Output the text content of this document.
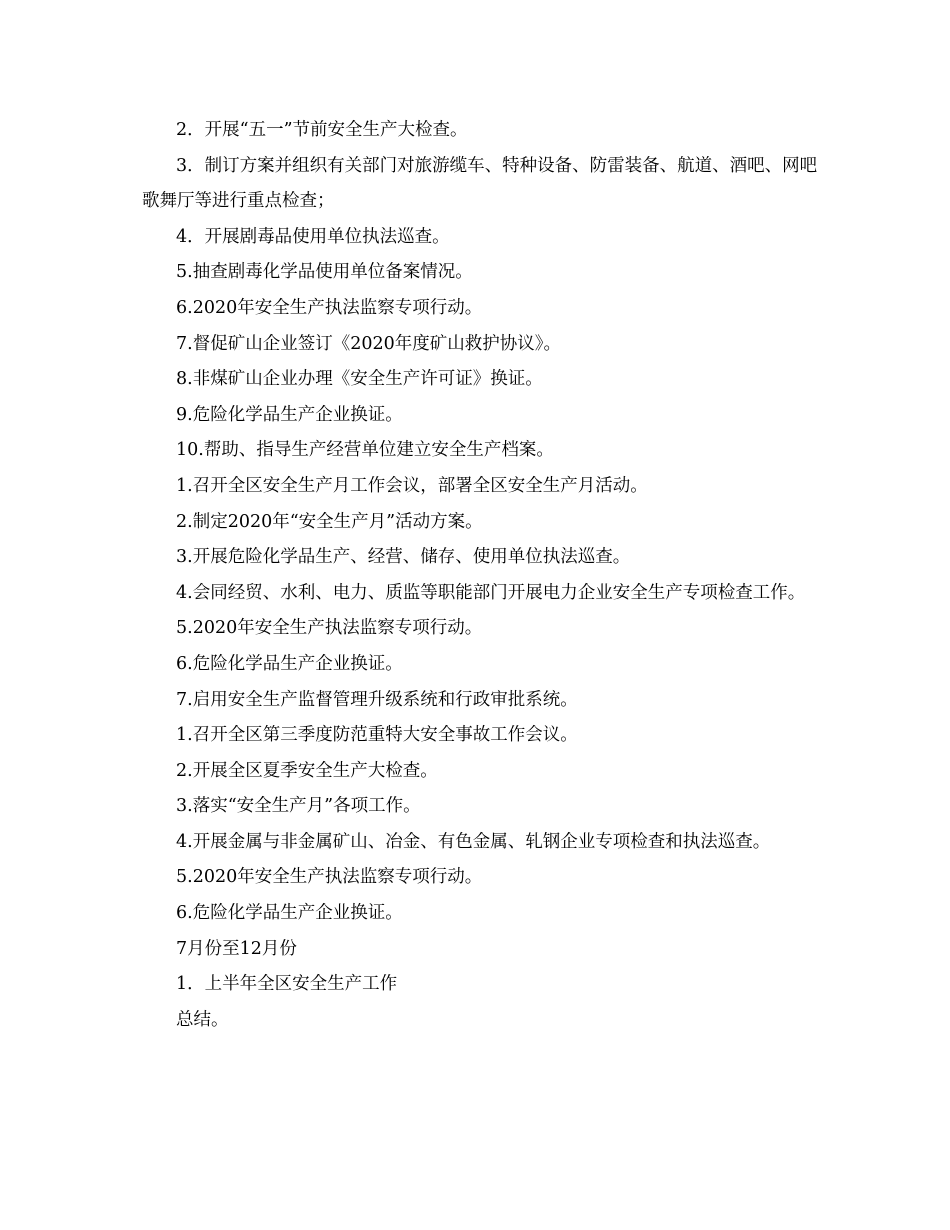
2．开展“五一”节前安全生产大检查。

3．制订方案并组织有关部门对旅游缆车、特种设备、防雷装备、航道、酒吧、网吧歌舞厅等进行重点检查；

4．开展剧毒品使用单位执法巡查。

5.抽查剧毒化学品使用单位备案情况。

6.2020年安全生产执法监察专项行动。

7.督促矿山企业签订《2020年度矿山救护协议》。

8.非煤矿山企业办理《安全生产许可证》换证。

9.危险化学品生产企业换证。

10.帮助、指导生产经营单位建立安全生产档案。

1.召开全区安全生产月工作会议，部署全区安全生产月活动。

2.制定2020年“安全生产月”活动方案。

3.开展危险化学品生产、经营、储存、使用单位执法巡查。

4.会同经贸、水利、电力、质监等职能部门开展电力企业安全生产专项检查工作。

5.2020年安全生产执法监察专项行动。

6.危险化学品生产企业换证。

7.启用安全生产监督管理升级系统和行政审批系统。

1.召开全区第三季度防范重特大安全事故工作会议。

2.开展全区夏季安全生产大检查。

3.落实“安全生产月”各项工作。

4.开展金属与非金属矿山、冶金、有色金属、轧钢企业专项检查和执法巡查。

5.2020年安全生产执法监察专项行动。

6.危险化学品生产企业换证。

7月份至12月份

1．上半年全区安全生产工作

总结。
